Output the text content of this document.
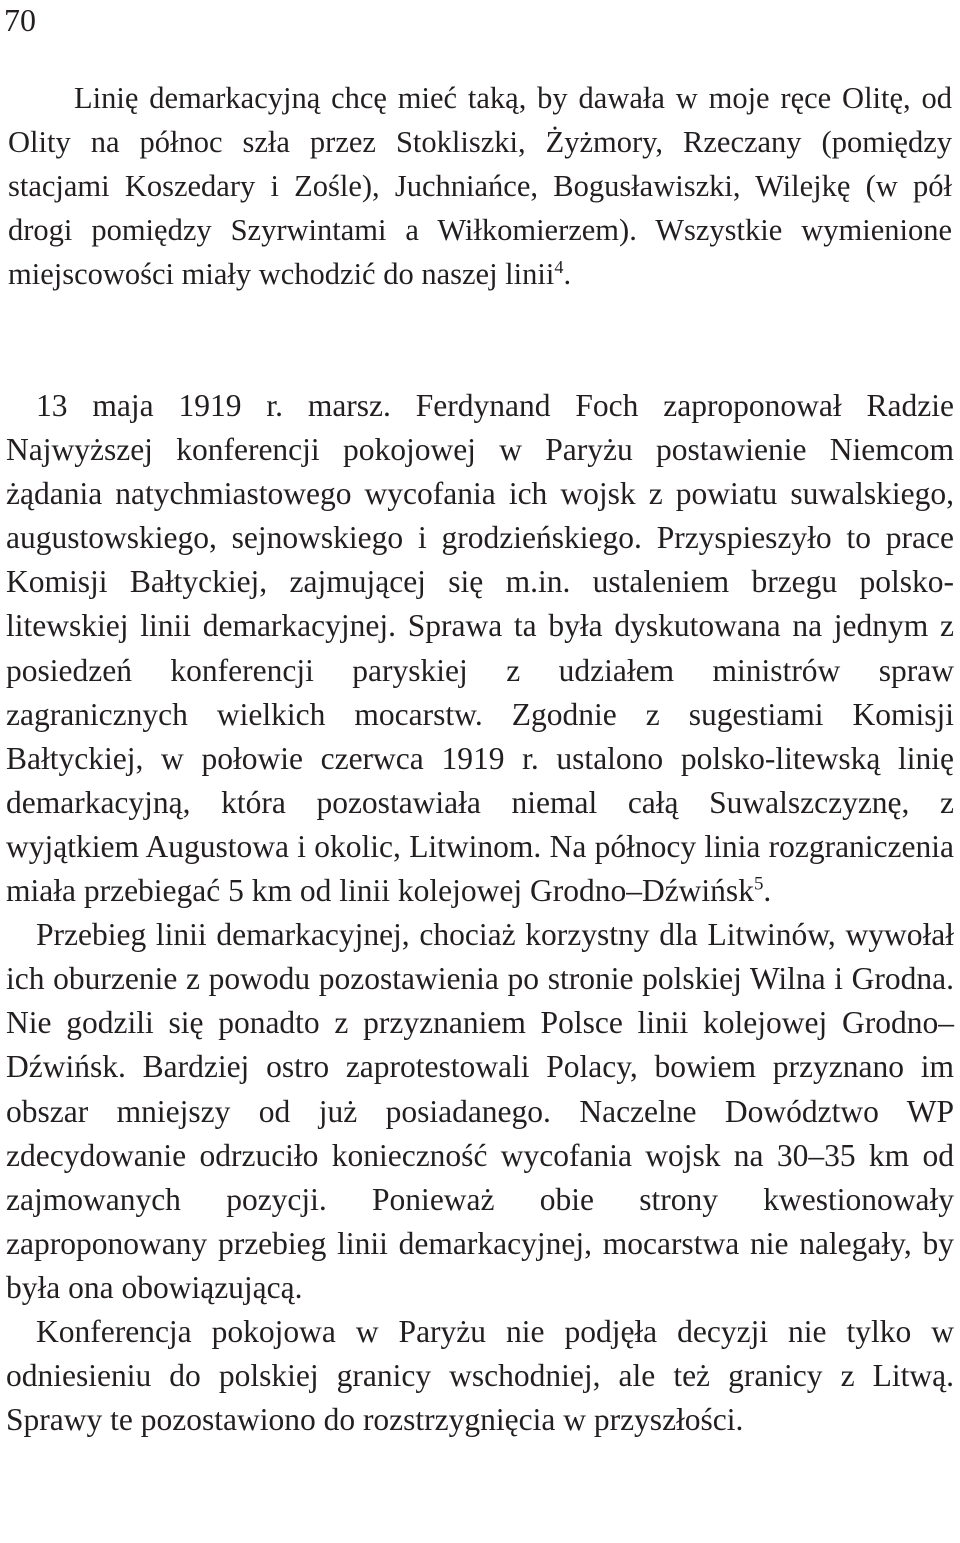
70

Linię demarkacyjną chcę mieć taką, by dawała w moje ręce Olitę, od Olity na północ szła przez Stokliszki, Żyżmory, Rzeczany (pomiędzy stacjami Koszedary i Zośle), Juchniańce, Bogusławiszki, Wilejkę (w pół drogi pomiędzy Szyrwintami a Wiłkomierzem). Wszystkie wymienione miejscowości miały wchodzić do naszej linii$^4$.

13 maja 1919 r. marsz. Ferdynand Foch zaproponował Radzie Najwyższej konferencji pokojowej w Paryżu postawienie Niemcom żądania natychmiastowego wycofania ich wojsk z powiatu suwalskiego, augustowskiego, sejnowskiego i grodzieńskiego. Przyspieszyło to prace Komisji Bałtyckiej, zajmującej się m.in. ustaleniem brzegu polsko-litewskiej linii demarkacyjnej. Sprawa ta była dyskutowana na jednym z posiedzeń konferencji paryskiej z udziałem ministrów spraw zagranicznych wielkich mocarstw. Zgodnie z sugestiami Komisji Bałtyckiej, w połowie czerwca 1919 r. ustalono polsko-litewską linię demarkacyjną, która pozostawiała niemal całą Suwalszczyznę, z wyjątkiem Augustowa i okolic, Litwinom. Na północy linia rozgraniczenia miała przebiegać 5 km od linii kolejowej Grodno–Dźwińsk$^5$.

Przebieg linii demarkacyjnej, chociaż korzystny dla Litwinów, wywołał ich oburzenie z powodu pozostawienia po stronie polskiej Wilna i Grodna. Nie godzili się ponadto z przyznaniem Polsce linii kolejowej Grodno–Dźwińsk. Bardziej ostro zaprotestowali Polacy, bowiem przyznano im obszar mniejszy od już posiadanego. Naczelne Dowództwo WP zdecydowanie odrzuciło konieczność wycofania wojsk na 30–35 km od zajmowanych pozycji. Ponieważ obie strony kwestionowały zaproponowany przebieg linii demarkacyjnej, mocarstwa nie nalegały, by była ona obowiązującą.

Konferencja pokojowa w Paryżu nie podjęła decyzji nie tylko w odniesieniu do polskiej granicy wschodniej, ale też granicy z Litwą. Sprawy te pozostawiono do rozstrzygnięcia w przyszłości.
